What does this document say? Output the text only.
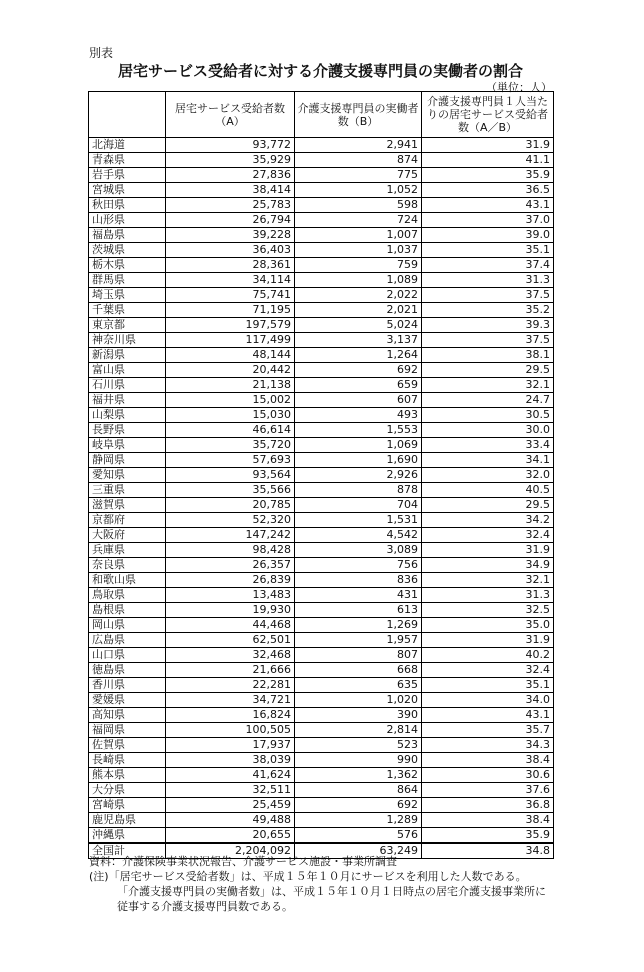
別表
居宅サービス受給者に対する介護支援専門員の実働者の割合
（単位：人）
	居宅サービス受給者数（A）	介護支援専門員の実働者数（B）	介護支援専門員１人当たりの居宅サービス受給者数（A／B）
北海道	93,772	2,941	31.9
青森県	35,929	874	41.1
岩手県	27,836	775	35.9
宮城県	38,414	1,052	36.5
秋田県	25,783	598	43.1
山形県	26,794	724	37.0
福島県	39,228	1,007	39.0
茨城県	36,403	1,037	35.1
栃木県	28,361	759	37.4
群馬県	34,114	1,089	31.3
埼玉県	75,741	2,022	37.5
千葉県	71,195	2,021	35.2
東京都	197,579	5,024	39.3
神奈川県	117,499	3,137	37.5
新潟県	48,144	1,264	38.1
富山県	20,442	692	29.5
石川県	21,138	659	32.1
福井県	15,002	607	24.7
山梨県	15,030	493	30.5
長野県	46,614	1,553	30.0
岐阜県	35,720	1,069	33.4
静岡県	57,693	1,690	34.1
愛知県	93,564	2,926	32.0
三重県	35,566	878	40.5
滋賀県	20,785	704	29.5
京都府	52,320	1,531	34.2
大阪府	147,242	4,542	32.4
兵庫県	98,428	3,089	31.9
奈良県	26,357	756	34.9
和歌山県	26,839	836	32.1
鳥取県	13,483	431	31.3
島根県	19,930	613	32.5
岡山県	44,468	1,269	35.0
広島県	62,501	1,957	31.9
山口県	32,468	807	40.2
徳島県	21,666	668	32.4
香川県	22,281	635	35.1
愛媛県	34,721	1,020	34.0
高知県	16,824	390	43.1
福岡県	100,505	2,814	35.7
佐賀県	17,937	523	34.3
長崎県	38,039	990	38.4
熊本県	41,624	1,362	30.6
大分県	32,511	864	37.6
宮崎県	25,459	692	36.8
鹿児島県	49,488	1,289	38.4
沖縄県	20,655	576	35.9
全国計	2,204,092	63,249	34.8
資料：介護保険事業状況報告、介護サービス施設・事業所調査
(注)「居宅サービス受給者数」は、平成１５年１０月にサービスを利用した人数である。
「介護支援専門員の実働者数」は、平成１５年１０月１日時点の居宅介護支援事業所に
従事する介護支援専門員数である。
